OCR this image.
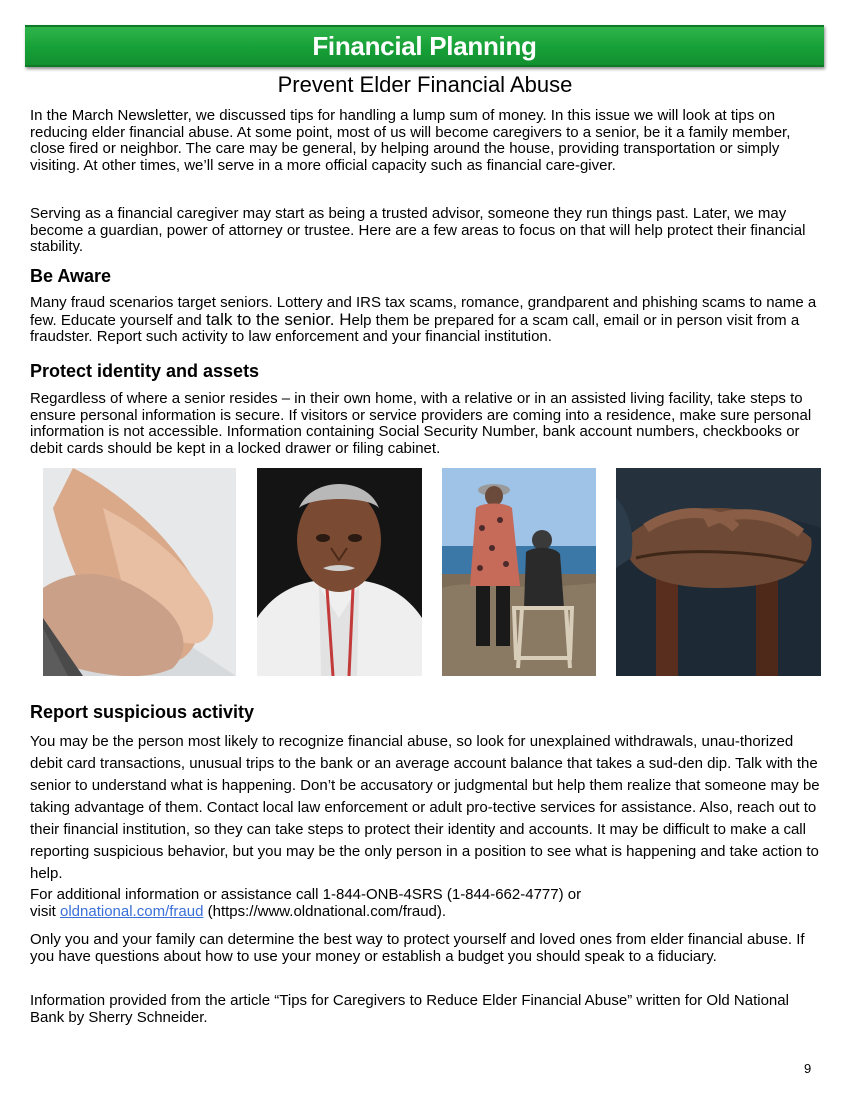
Financial Planning
Prevent Elder Financial Abuse

In the March Newsletter, we discussed tips for handling a lump sum of money. In this issue we will look at tips on reducing elder financial abuse. At some point, most of us will become caregivers to a senior, be it a family member, close fired or neighbor. The care may be general, by helping around the house, providing transportation or simply visiting. At other times, we’ll serve in a more official capacity such as financial care-giver.

Serving as a financial caregiver may start as being a trusted advisor, someone they run things past. Later, we may become a guardian, power of attorney or trustee. Here are a few areas to focus on that will help protect their financial stability.

Be Aware

Many fraud scenarios target seniors. Lottery and IRS tax scams, romance, grandparent and phishing scams to name a few. Educate yourself and talk to the senior. Help them be prepared for a scam call, email or in person visit from a fraudster. Report such activity to law enforcement and your financial institution.

Protect identity and assets

Regardless of where a senior resides – in their own home, with a relative or in an assisted living facility, take steps to ensure personal information is secure. If visitors or service providers are coming into a residence, make sure personal information is not accessible. Information containing Social Security Number, bank account numbers, checkbooks or debit cards should be kept in a locked drawer or filing cabinet.

Report suspicious activity

You may be the person most likely to recognize financial abuse, so look for unexplained withdrawals, unau-thorized debit card transactions, unusual trips to the bank or an average account balance that takes a sud-den dip. Talk with the senior to understand what is happening. Don’t be accusatory or judgmental but help them realize that someone may be taking advantage of them. Contact local law enforcement or adult pro-tective services for assistance. Also, reach out to their financial institution, so they can take steps to protect their identity and accounts. It may be difficult to make a call reporting suspicious behavior, but you may be the only person in a position to see what is happening and take action to help.

For additional information or assistance call 1-844-ONB-4SRS (1-844-662-4777) or
visit oldnational.com/fraud (https://www.oldnational.com/fraud).

Only you and your family can determine the best way to protect yourself and loved ones from elder financial abuse. If you have questions about how to use your money or establish a budget you should speak to a fiduciary.

Information provided from the article “Tips for Caregivers to Reduce Elder Financial Abuse” written for Old National Bank by Sherry Schneider.

9
